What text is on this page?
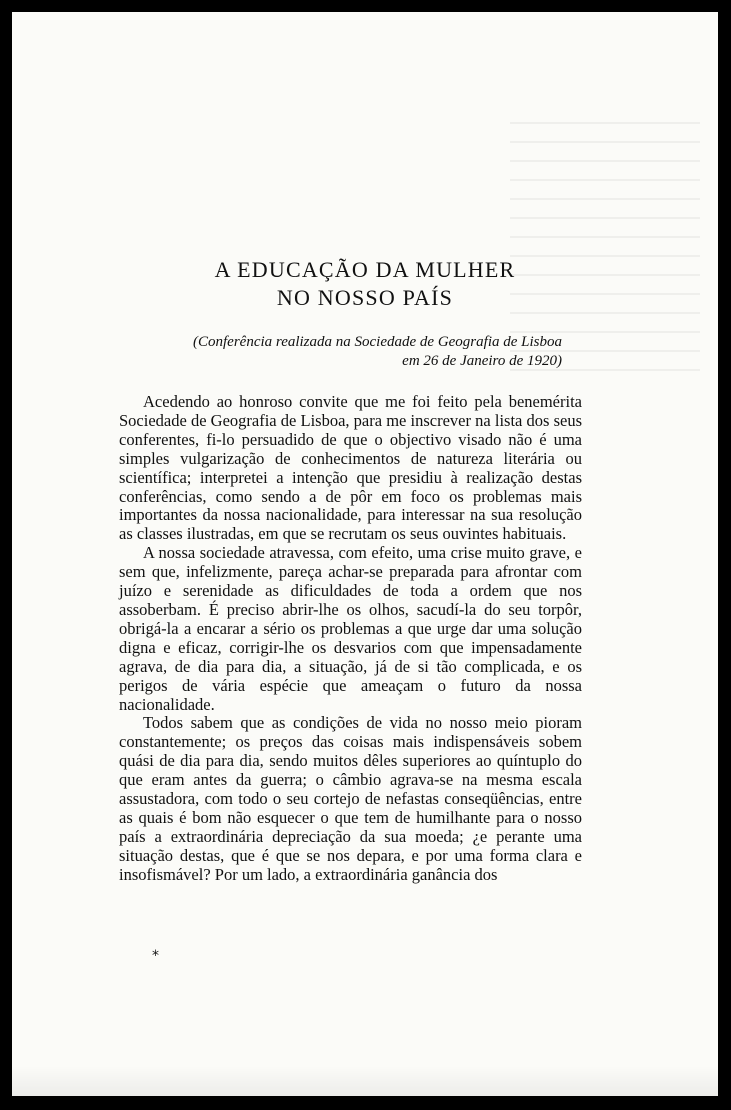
A EDUCAÇÃO DA MULHER
NO NOSSO PAÍS
(Conferência realizada na Sociedade de Geografia de Lisboa
em 26 de Janeiro de 1920)

Acedendo ao honroso convite que me foi feito pela benemérita Sociedade de Geografia de Lisboa, para me inscrever na lista dos seus conferentes, fi-lo persuadido de que o objectivo visado não é uma simples vulgarização de conhecimentos de natureza literária ou scientífica; interpretei a intenção que presidiu à realização destas conferências, como sendo a de pôr em foco os problemas mais importantes da nossa nacionalidade, para interessar na sua resolução as classes ilustradas, em que se recrutam os seus ouvintes habituais.

A nossa sociedade atravessa, com efeito, uma crise muito grave, e sem que, infelizmente, pareça achar-se preparada para afrontar com juízo e serenidade as dificuldades de toda a ordem que nos assoberbam. É preciso abrir-lhe os olhos, sacudí-la do seu torpôr, obrigá-la a encarar a sério os problemas a que urge dar uma solução digna e eficaz, corrigir-lhe os desvarios com que impensadamente agrava, de dia para dia, a situação, já de si tão complicada, e os perigos de vária espécie que ameaçam o futuro da nossa nacionalidade.

Todos sabem que as condições de vida no nosso meio pioram constantemente; os preços das coisas mais indispensáveis sobem quási de dia para dia, sendo muitos dêles superiores ao quíntuplo do que eram antes da guerra; o câmbio agrava-se na mesma escala assustadora, com todo o seu cortejo de nefastas conseqüências, entre as quais é bom não esquecer o que tem de humilhante para o nosso país a extraordinária depreciação da sua moeda; ¿e perante uma situação destas, que é que se nos depara, e por uma forma clara e insofismável? Por um lado, a extraordinária ganância dos

*
